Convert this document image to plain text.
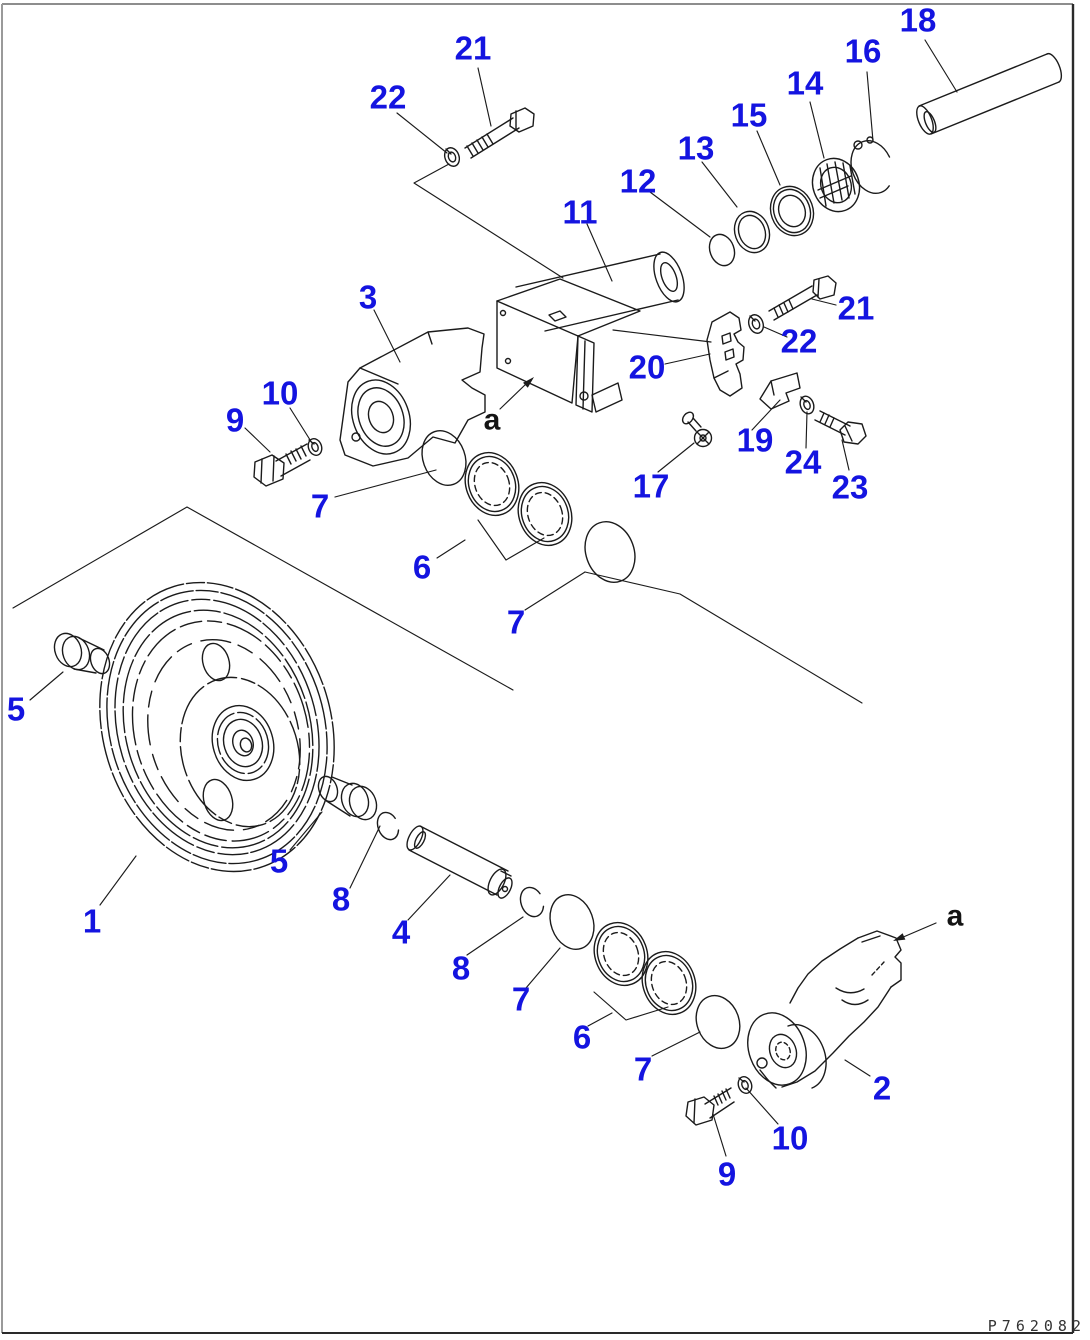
18
16
14
15
13
12
11
21
22
3	21
22
20
10
9
19
24
23
17
7
6
7
5
1
5
8
4
8
7
6
7
2
10
9
a
a
P762082
